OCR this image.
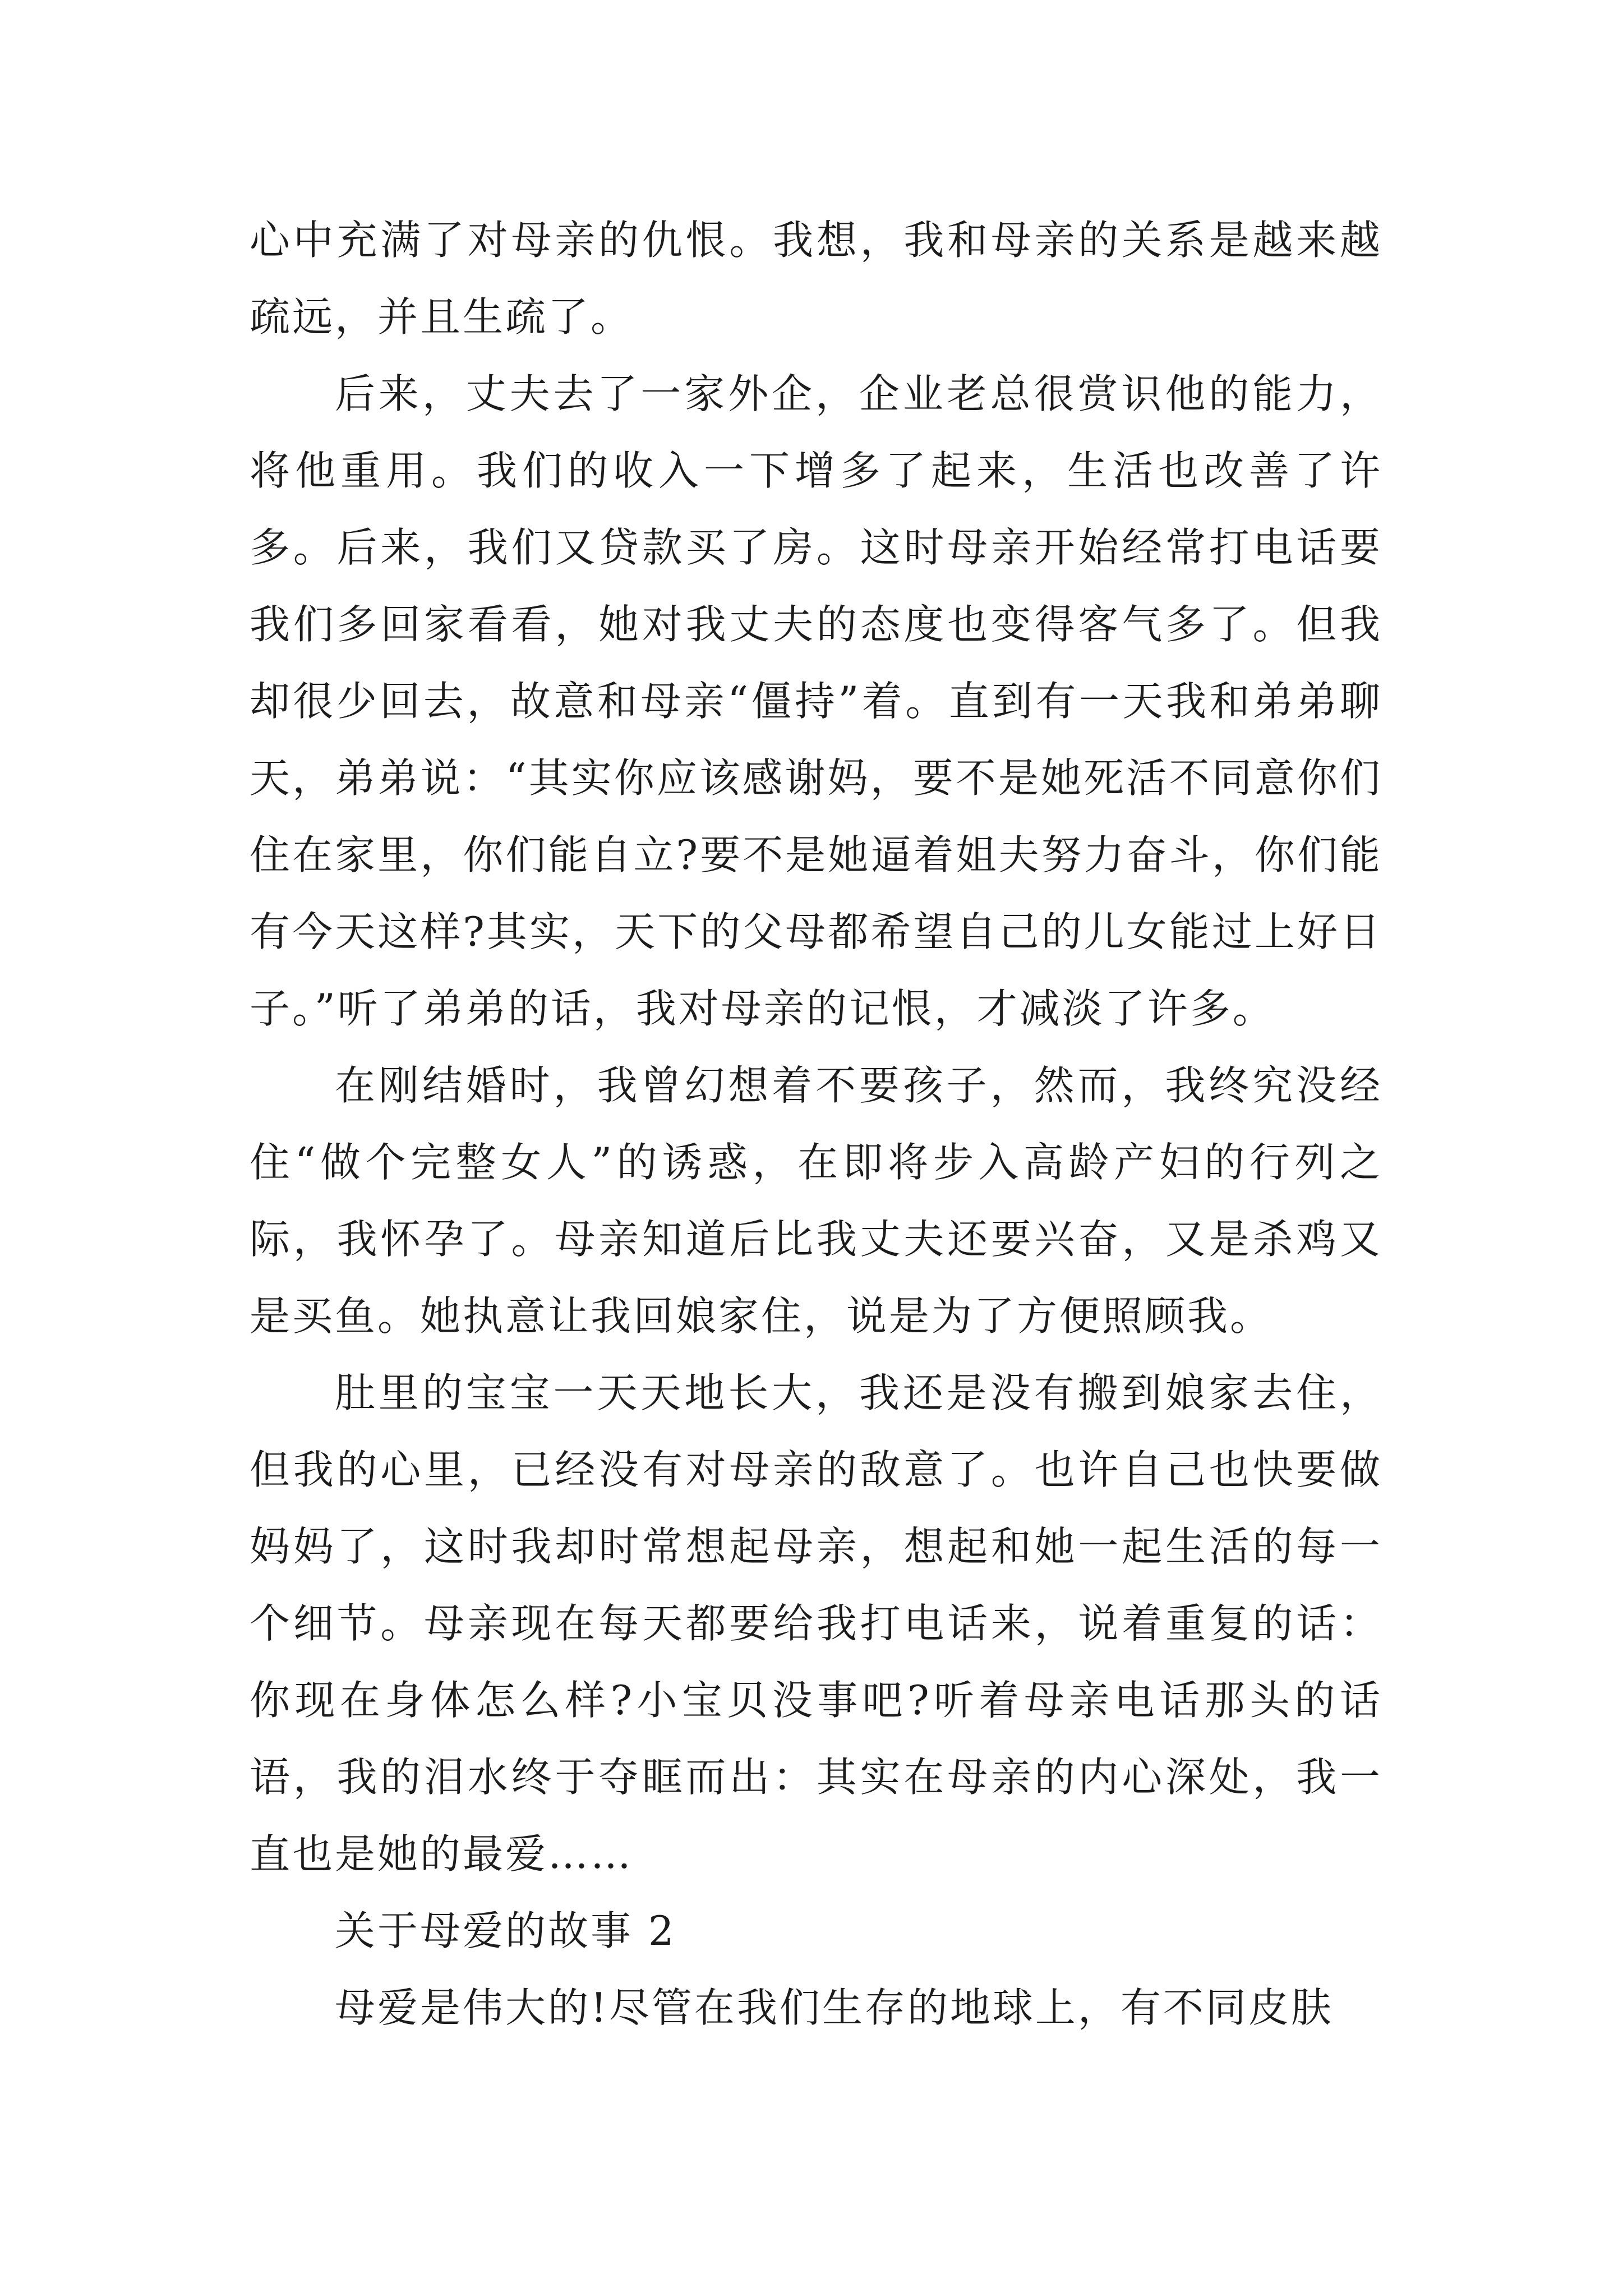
心中充满了对母亲的仇恨。我想，我和母亲的关系是越来越疏远，并且生疏了。

后来，丈夫去了一家外企，企业老总很赏识他的能力，将他重用。我们的收入一下增多了起来，生活也改善了许多。后来，我们又贷款买了房。这时母亲开始经常打电话要我们多回家看看，她对我丈夫的态度也变得客气多了。但我却很少回去，故意和母亲“僵持”着。直到有一天我和弟弟聊天，弟弟说：“其实你应该感谢妈，要不是她死活不同意你们住在家里，你们能自立?要不是她逼着姐夫努力奋斗，你们能有今天这样?其实，天下的父母都希望自己的儿女能过上好日子。”听了弟弟的话，我对母亲的记恨，才减淡了许多。

在刚结婚时，我曾幻想着不要孩子，然而，我终究没经住“做个完整女人”的诱惑，在即将步入高龄产妇的行列之际，我怀孕了。母亲知道后比我丈夫还要兴奋，又是杀鸡又是买鱼。她执意让我回娘家住，说是为了方便照顾我。

肚里的宝宝一天天地长大，我还是没有搬到娘家去住，但我的心里，已经没有对母亲的敌意了。也许自己也快要做妈妈了，这时我却时常想起母亲，想起和她一起生活的每一个细节。母亲现在每天都要给我打电话来，说着重复的话：你现在身体怎么样?小宝贝没事吧?听着母亲电话那头的话语，我的泪水终于夺眶而出：其实在母亲的内心深处，我一直也是她的最爱……

关于母爱的故事 2

母爱是伟大的!尽管在我们生存的地球上，有不同皮肤
